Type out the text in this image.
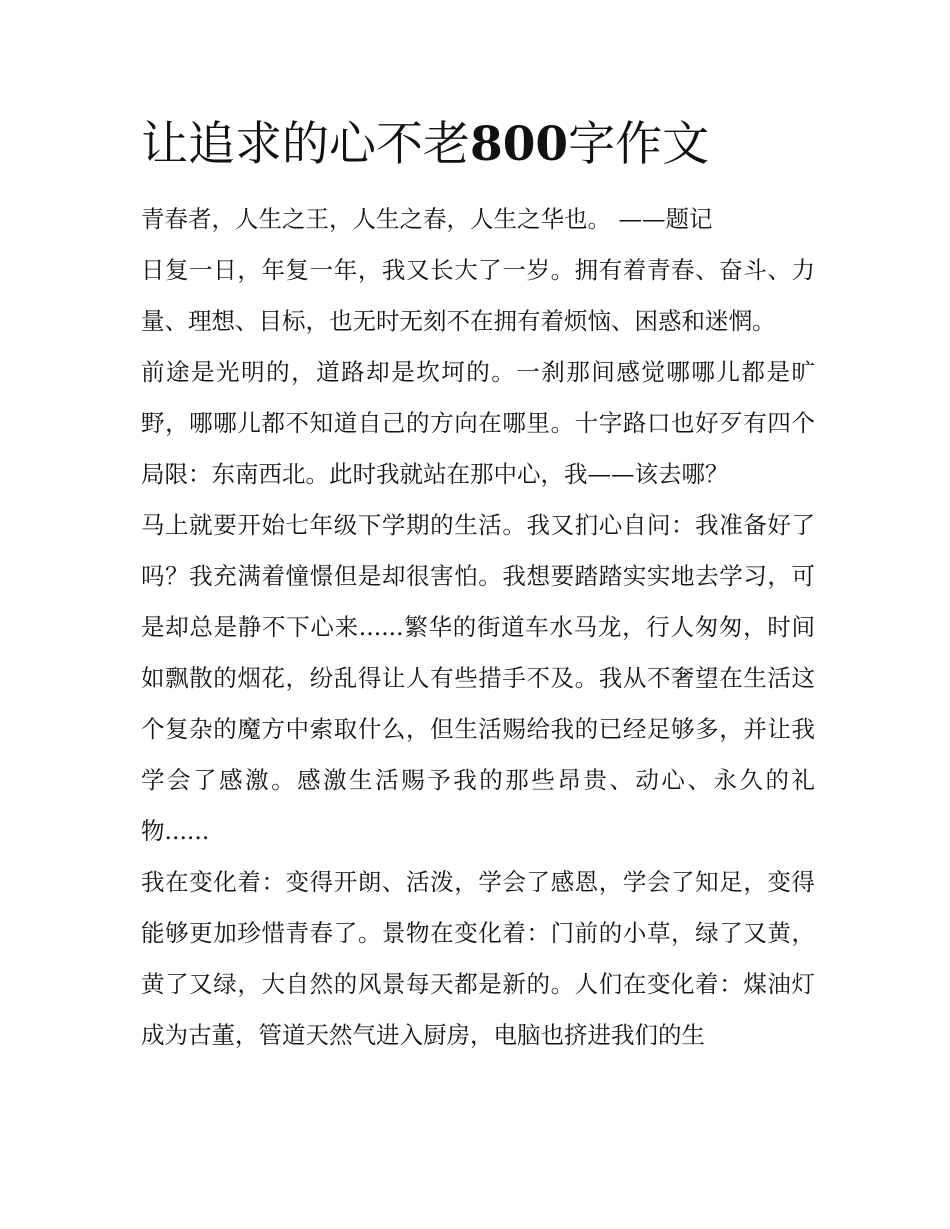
让追求的心不老800字作文

青春者，人生之王，人生之春，人生之华也。 ——题记

日复一日，年复一年，我又长大了一岁。拥有着青春、奋斗、力量、理想、目标，也无时无刻不在拥有着烦恼、困惑和迷惘。

前途是光明的，道路却是坎坷的。一刹那间感觉哪哪儿都是旷野，哪哪儿都不知道自己的方向在哪里。十字路口也好歹有四个局限：东南西北。此时我就站在那中心，我——该去哪？

马上就要开始七年级下学期的生活。我又扪心自问：我准备好了吗？我充满着憧憬但是却很害怕。我想要踏踏实实地去学习，可是却总是静不下心来......繁华的街道车水马龙，行人匆匆，时间如飘散的烟花，纷乱得让人有些措手不及。我从不奢望在生活这个复杂的魔方中索取什么，但生活赐给我的已经足够多，并让我学会了感激。感激生活赐予我的那些昂贵、动心、永久的礼物......

我在变化着：变得开朗、活泼，学会了感恩，学会了知足，变得能够更加珍惜青春了。景物在变化着：门前的小草，绿了又黄，黄了又绿，大自然的风景每天都是新的。人们在变化着：煤油灯成为古董，管道天然气进入厨房，电脑也挤进我们的生
